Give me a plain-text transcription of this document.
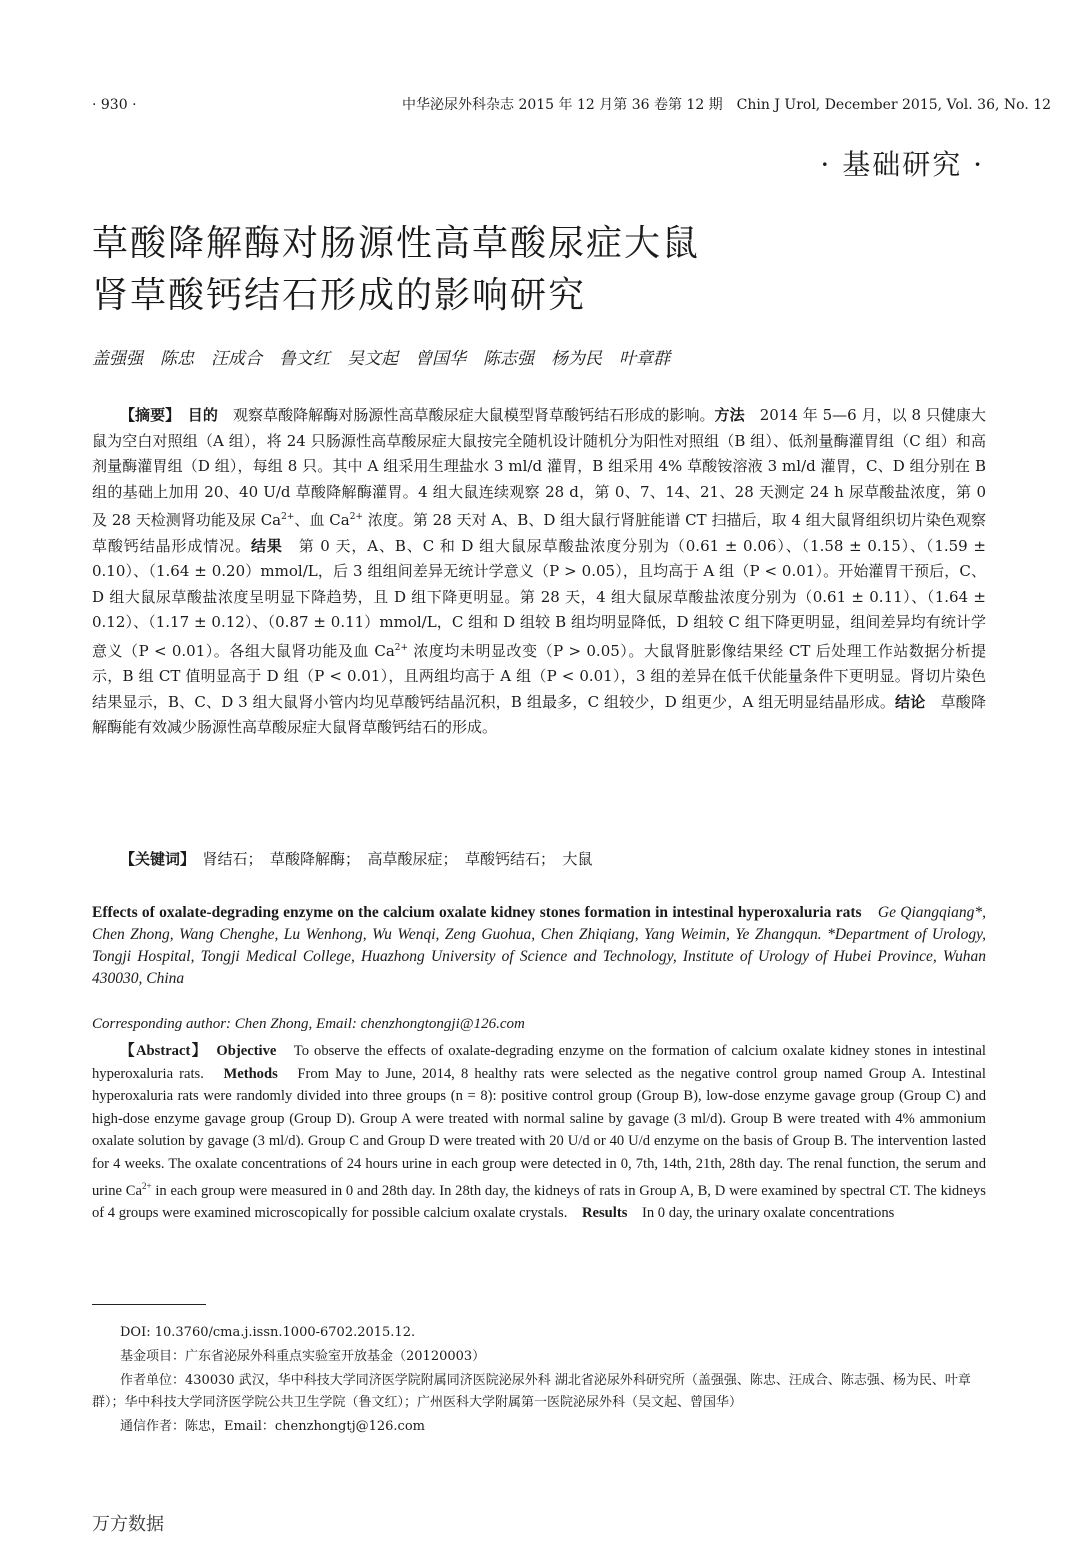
· 930 ·	中华泌尿外科杂志 2015 年 12 月第 36 卷第 12 期　Chin J Urol, December 2015, Vol. 36, No. 12
· 基础研究 ·
草酸降解酶对肠源性高草酸尿症大鼠
肾草酸钙结石形成的影响研究
盖强强　陈忠　汪成合　鲁文红　吴文起　曾国华　陈志强　杨为民　叶章群
【摘要】　 目的　 观察草酸降解酶对肠源性高草酸尿症大鼠模型肾草酸钙结石形成的影响。方法　 2014 年 5—6 月，以 8 只健康大鼠为空白对照组（A 组），将 24 只肠源性高草酸尿症大鼠按完全随机设计随机分为阳性对照组（B 组）、低剂量酶灌胃组（C 组）和高剂量酶灌胃组（D 组），每组 8 只。其中 A 组采用生理盐水 3 ml/d 灌胃，B 组采用 4% 草酸铵溶液 3 ml/d 灌胃，C、D 组分别在 B 组的基础上加用 20、40 U/d 草酸降解酶灌胃。4 组大鼠连续观察 28 d，第 0、7、14、21、28 天测定 24 h 尿草酸盐浓度，第 0 及 28 天检测肾功能及尿 $Ca^{2+}$、血 $Ca^{2+}$ 浓度。第 28 天对 A、B、D 组大鼠行肾脏能谱 CT 扫描后，取 4 组大鼠肾组织切片染色观察草酸钙结晶形成情况。结果　 第 0 天，A、B、C 和 D 组大鼠尿草酸盐浓度分别为（0.61 ± 0.06）、（1.58 ± 0.15）、（1.59 ± 0.10）、（1.64 ± 0.20）mmol/L，后 3 组组间差异无统计学意义（P > 0.05），且均高于 A 组（P < 0.01）。开始灌胃干预后，C、D 组大鼠尿草酸盐浓度呈明显下降趋势，且 D 组下降更明显。第 28 天，4 组大鼠尿草酸盐浓度分别为（0.61 ± 0.11）、（1.64 ± 0.12）、（1.17 ± 0.12）、（0.87 ± 0.11）mmol/L，C 组和 D 组较 B 组均明显降低，D 组较 C 组下降更明显，组间差异均有统计学意义（P < 0.01）。各组大鼠肾功能及血 $Ca^{2+}$ 浓度均未明显改变（P > 0.05）。大鼠肾脏影像结果经 CT 后处理工作站数据分析提示，B 组 CT 值明显高于 D 组（P < 0.01），且两组均高于 A 组（P < 0.01），3 组的差异在低千伏能量条件下更明显。肾切片染色结果显示，B、C、D 3 组大鼠肾小管内均见草酸钙结晶沉积，B 组最多，C 组较少，D 组更少，A 组无明显结晶形成。结论　 草酸降解酶能有效减少肠源性高草酸尿症大鼠肾草酸钙结石的形成。
【关键词】　 肾结石；　草酸降解酶；　高草酸尿症；　草酸钙结石；　大鼠
Effects of oxalate-degrading enzyme on the calcium oxalate kidney stones formation in intestinal hyperoxaluria rats　 Ge Qiangqiang*, Chen Zhong, Wang Chenghe, Lu Wenhong, Wu Wenqi, Zeng Guohua, Chen Zhiqiang, Yang Weimin, Ye Zhangqun. *Department of Urology, Tongji Hospital, Tongji Medical College, Huazhong University of Science and Technology, Institute of Urology of Hubei Province, Wuhan 430030, China
Corresponding author: Chen Zhong, Email: chenzhongtongji@126.com
【Abstract】　 Objective　 To observe the effects of oxalate-degrading enzyme on the formation of calcium oxalate kidney stones in intestinal hyperoxaluria rats.　 Methods　 From May to June, 2014, 8 healthy rats were selected as the negative control group named Group A. Intestinal hyperoxaluria rats were randomly divided into three groups (n = 8): positive control group (Group B), low-dose enzyme gavage group (Group C) and high-dose enzyme gavage group (Group D). Group A were treated with normal saline by gavage (3 ml/d). Group B were treated with 4% ammonium oxalate solution by gavage (3 ml/d). Group C and Group D were treated with 20 U/d or 40 U/d enzyme on the basis of Group B. The intervention lasted for 4 weeks. The oxalate concentrations of 24 hours urine in each group were detected in 0, 7th, 14th, 21th, 28th day. The renal function, the serum and urine $Ca^{2+}$ in each group were measured in 0 and 28th day. In 28th day, the kidneys of rats in Group A, B, D were examined by spectral CT. The kidneys of 4 groups were examined microscopically for possible calcium oxalate crystals.　 Results　 In 0 day, the urinary oxalate concentrations

DOI: 10.3760/cma.j.issn.1000-6702.2015.12.

基金项目：广东省泌尿外科重点实验室开放基金（20120003）

作者单位：430030 武汉，华中科技大学同济医学院附属同济医院泌尿外科 湖北省泌尿外科研究所（盖强强、陈忠、汪成合、陈志强、杨为民、叶章群）；华中科技大学同济医学院公共卫生学院（鲁文红）；广州医科大学附属第一医院泌尿外科（吴文起、曾国华）

通信作者：陈忠，Email：chenzhongtj@126.com

万方数据
